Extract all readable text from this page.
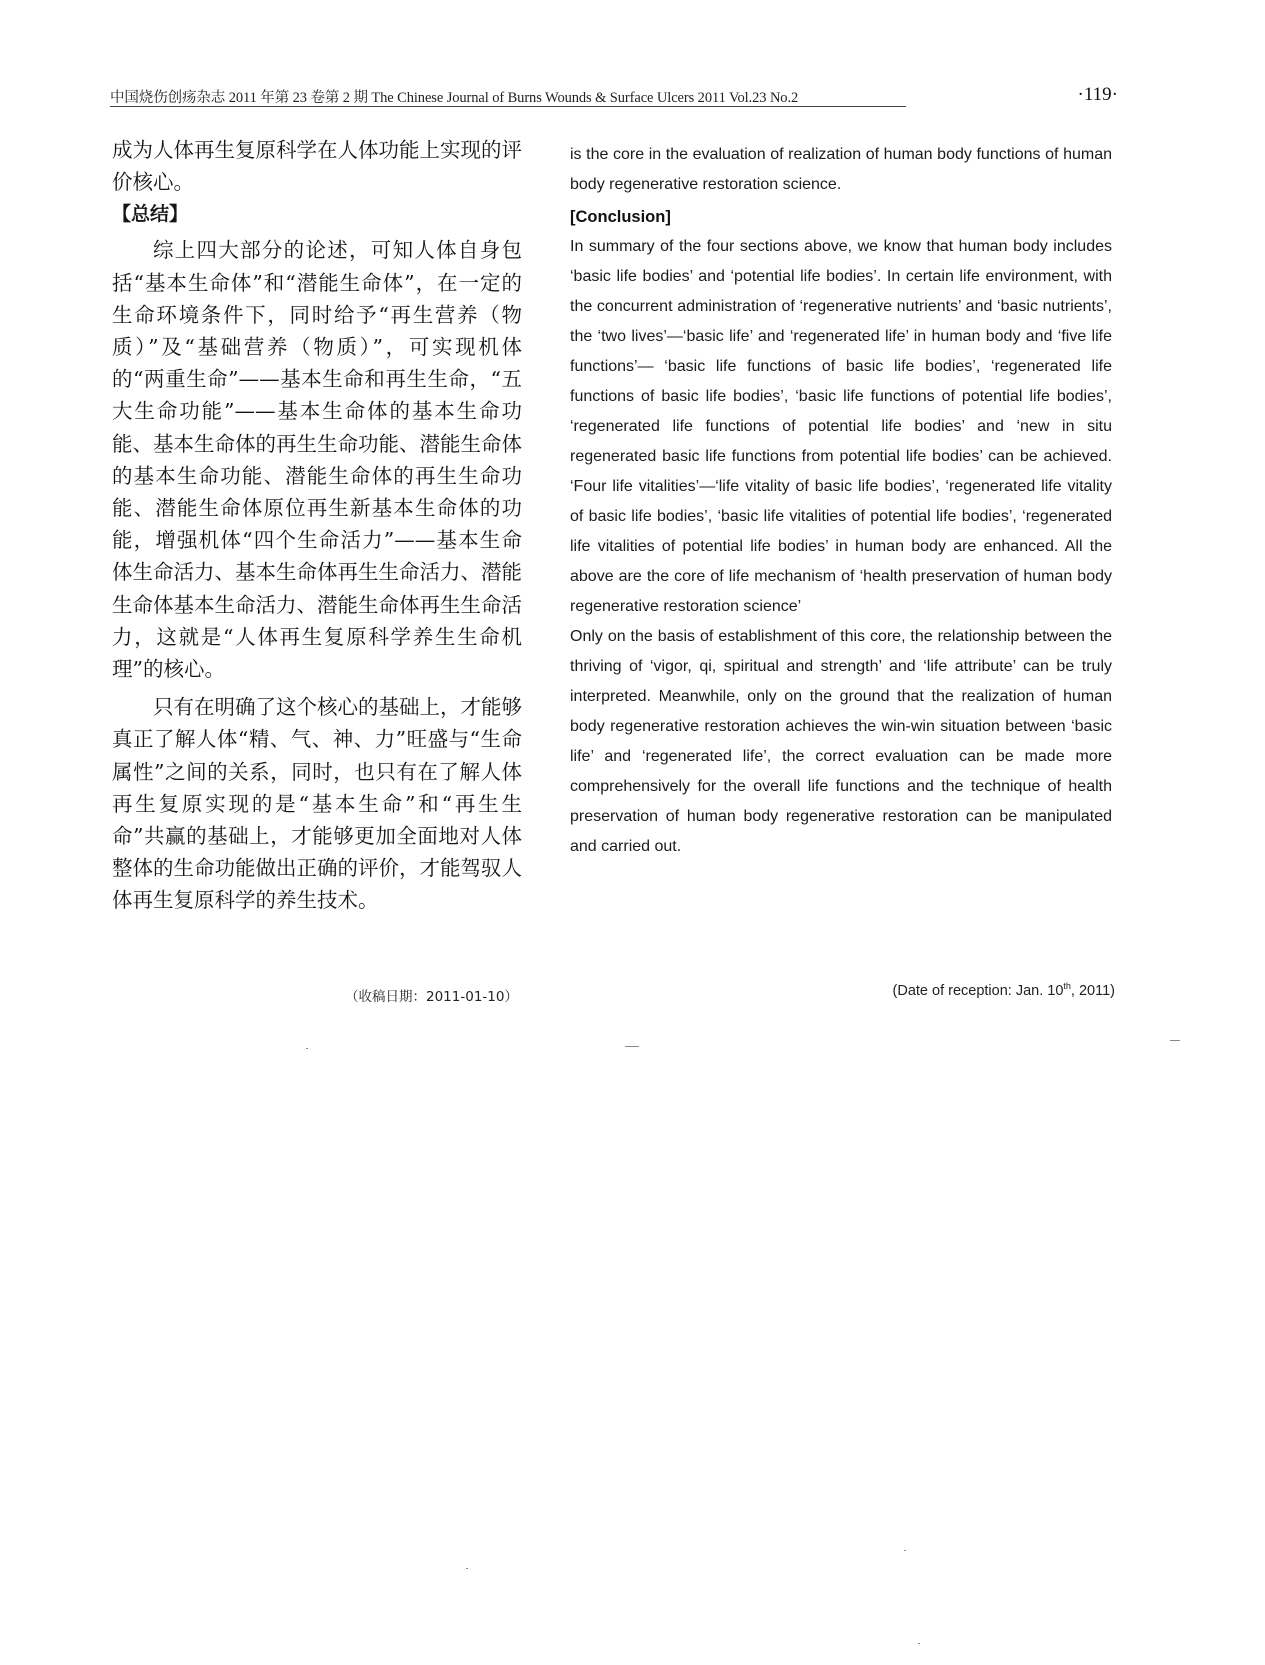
中国烧伤创疡杂志 2011 年第 23 卷第 2 期 The Chinese Journal of Burns Wounds & Surface Ulcers 2011 Vol.23 No.2	·119·

成为人体再生复原科学在人体功能上实现的评价核心。

【总结】

综上四大部分的论述，可知人体自身包括“基本生命体”和“潜能生命体”，在一定的生命环境条件下，同时给予“再生营养（物质）”及“基础营养（物质）”，可实现机体的“两重生命”——基本生命和再生生命，“五大生命功能”——基本生命体的基本生命功能、基本生命体的再生生命功能、潜能生命体的基本生命功能、潜能生命体的再生生命功能、潜能生命体原位再生新基本生命体的功能，增强机体“四个生命活力”——基本生命体生命活力、基本生命体再生生命活力、潜能生命体基本生命活力、潜能生命体再生生命活力，这就是“人体再生复原科学养生生命机理”的核心。

只有在明确了这个核心的基础上，才能够真正了解人体“精、气、神、力”旺盛与“生命属性”之间的关系，同时，也只有在了解人体再生复原实现的是“基本生命”和“再生生命”共赢的基础上，才能够更加全面地对人体整体的生命功能做出正确的评价，才能驾驭人体再生复原科学的养生技术。

is the core in the evaluation of realization of human body functions of human body regenerative restoration science.

[Conclusion]

In summary of the four sections above, we know that human body includes ‘basic life bodies’ and ‘potential life bodies’. In certain life environment, with the concurrent administration of ‘regenerative nutrients’ and ‘basic nutrients’, the ‘two lives’—‘basic life’ and ‘regenerated life’ in human body and ‘five life functions’— ‘basic life functions of basic life bodies’, ‘regenerated life functions of basic life bodies’, ‘basic life functions of potential life bodies’, ‘regenerated life functions of potential life bodies’ and ‘new in situ regenerated basic life functions from potential life bodies’ can be achieved. ‘Four life vitalities’—‘life vitality of basic life bodies’, ‘regenerated life vitality of basic life bodies’, ‘basic life vitalities of potential life bodies’, ‘regenerated life vitalities of potential life bodies’ in human body are enhanced. All the above are the core of life mechanism of ‘health preservation of human body regenerative restoration science’

Only on the basis of establishment of this core, the relationship between the thriving of ‘vigor, qi, spiritual and strength’ and ‘life attribute’ can be truly interpreted. Meanwhile, only on the ground that the realization of human body regenerative restoration achieves the win-win situation between ‘basic life’ and ‘regenerated life’, the correct evaluation can be made more comprehensively for the overall life functions and the technique of health preservation of human body regenerative restoration can be manipulated and carried out.

（收稿日期：2011-01-10）	(Date of reception: Jan. 10th, 2011)
